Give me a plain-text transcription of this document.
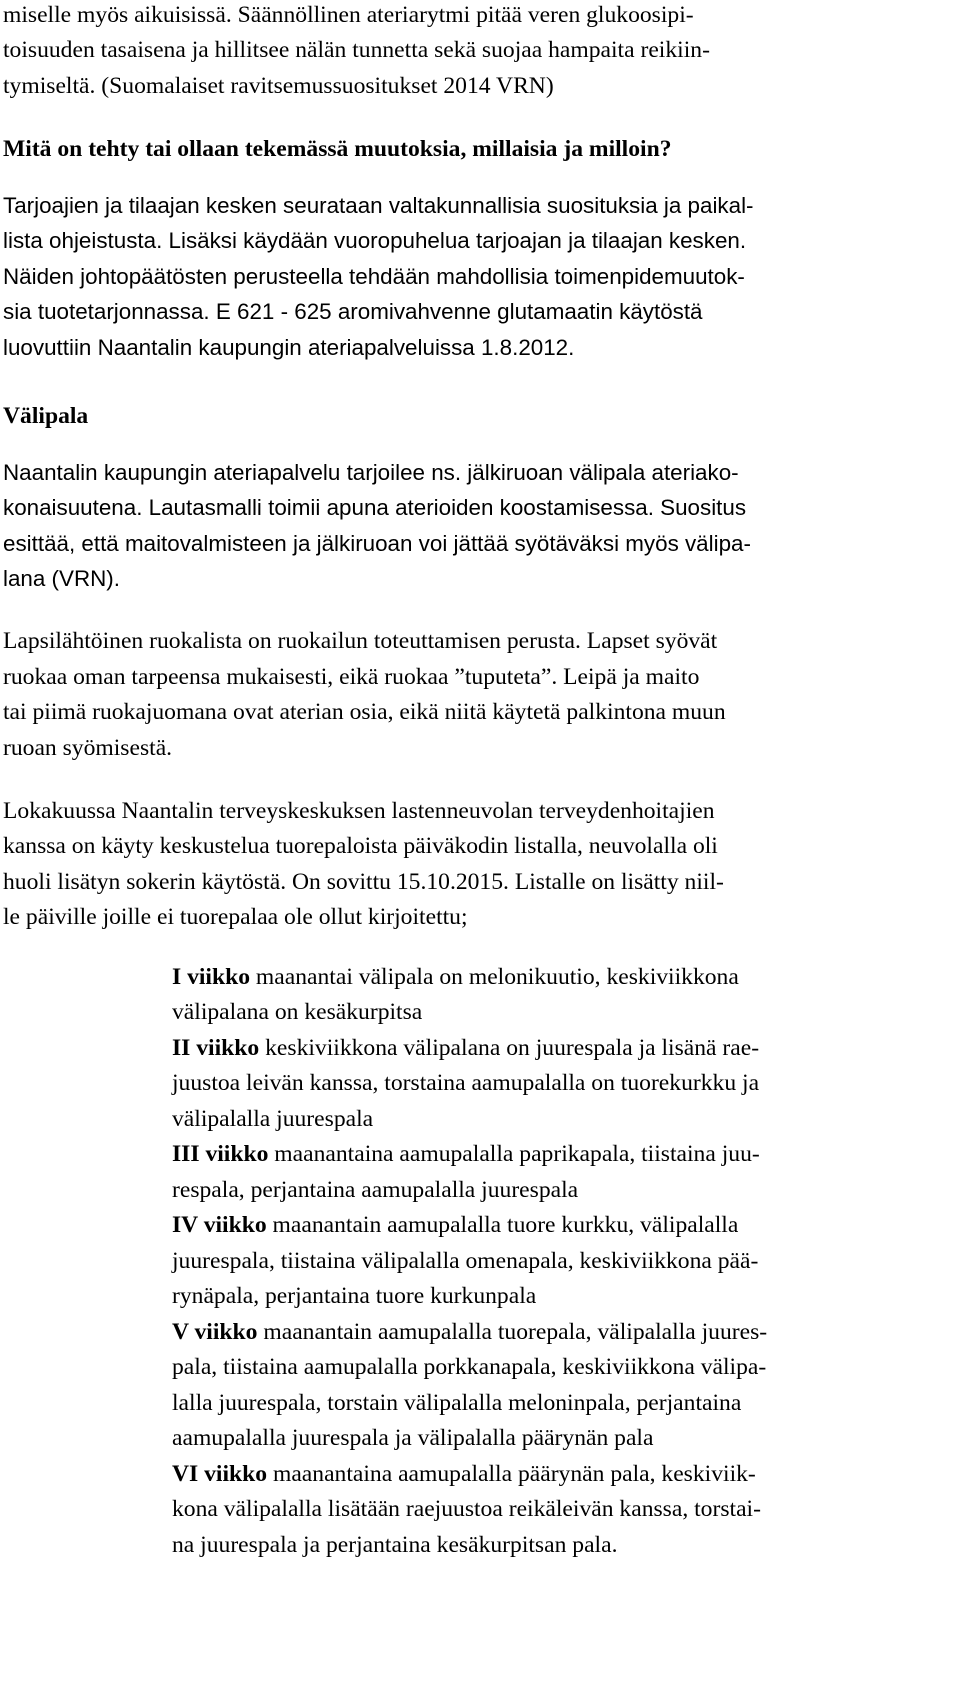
miselle myös aikuisissä. Säännöllinen ateriarytmi pitää veren glukoosipi-
toisuuden tasaisena ja hillitsee nälän tunnetta sekä suojaa hampaita reikiin-
tymiseltä. (Suomalaiset ravitsemussuositukset 2014 VRN)
Mitä on tehty tai ollaan tekemässä muutoksia, millaisia ja milloin?
Tarjoajien ja tilaajan kesken seurataan valtakunnallisia suosituksia ja paikal-
lista ohjeistusta. Lisäksi käydään vuoropuhelua tarjoajan ja tilaajan kesken.
Näiden johtopäätösten perusteella tehdään mahdollisia toimenpidemuutok-
sia tuotetarjonnassa. E 621 - 625 aromivahvenne glutamaatin käytöstä
luovuttiin Naantalin kaupungin ateriapalveluissa 1.8.2012.
Välipala
Naantalin kaupungin ateriapalvelu tarjoilee ns. jälkiruoan välipala ateriako-
konaisuutena. Lautasmalli toimii apuna aterioiden koostamisessa. Suositus
esittää, että maitovalmisteen ja jälkiruoan voi jättää syötäväksi myös välipa-
lana (VRN).
Lapsilähtöinen ruokalista on ruokailun toteuttamisen perusta. Lapset syövät
ruokaa oman tarpeensa mukaisesti, eikä ruokaa ”tuputeta”. Leipä ja maito
tai piimä ruokajuomana ovat aterian osia, eikä niitä käytetä palkintona muun
ruoan syömisestä.
Lokakuussa Naantalin terveyskeskuksen lastenneuvolan terveydenhoitajien
kanssa on käyty keskustelua tuorepaloista päiväkodin listalla, neuvolalla oli
huoli lisätyn sokerin käytöstä. On sovittu 15.10.2015. Listalle on lisätty niil-
le päiville joille ei tuorepalaa ole ollut kirjoitettu;
I viikko maanantai välipala on melonikuutio, keskiviikkona
välipalana on kesäkurpitsa
II viikko keskiviikkona välipalana on juurespala ja lisänä rae-
juustoa leivän kanssa, torstaina aamupalalla on tuorekurkku ja
välipalalla juurespala
III viikko maanantaina aamupalalla paprikapala, tiistaina juu-
respala, perjantaina aamupalalla juurespala
IV viikko maanantain aamupalalla tuore kurkku, välipalalla
juurespala, tiistaina välipalalla omenapala, keskiviikkona pää-
rynäpala, perjantaina tuore kurkunpala
V viikko maanantain aamupalalla tuorepala, välipalalla juures-
pala, tiistaina aamupalalla porkkanapala, keskiviikkona välipa-
lalla juurespala, torstain välipalalla meloninpala, perjantaina
aamupalalla juurespala ja välipalalla päärynän pala
VI viikko maanantaina aamupalalla päärynän pala, keskiviik-
kona välipalalla lisätään raejuustoa reikäleivän kanssa, torstai-
na juurespala ja perjantaina kesäkurpitsan pala.
